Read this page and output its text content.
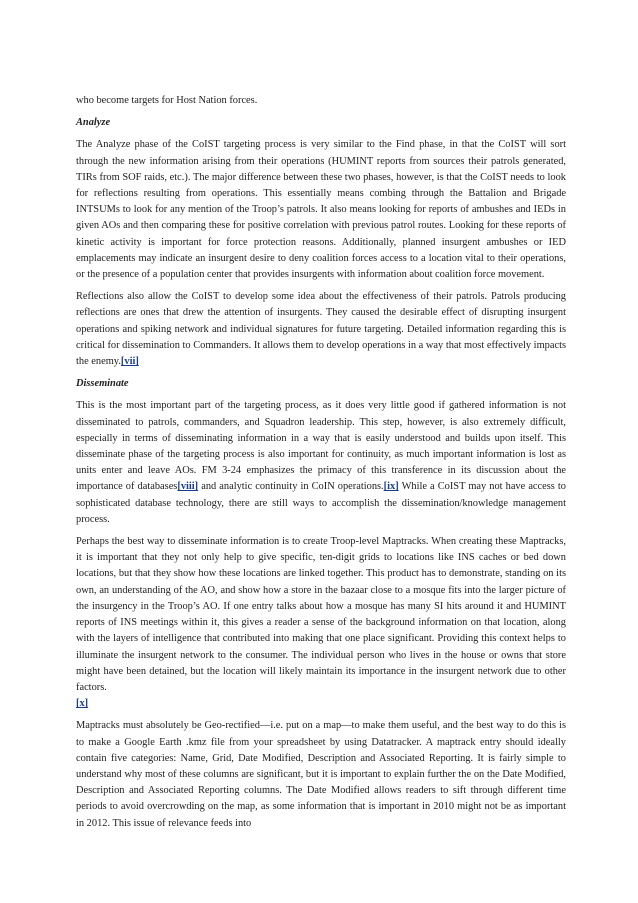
who become targets for Host Nation forces.

Analyze

The Analyze phase of the CoIST targeting process is very similar to the Find phase, in that the CoIST will sort through the new information arising from their operations (HUMINT reports from sources their patrols generated, TIRs from SOF raids, etc.). The major difference between these two phases, however, is that the CoIST needs to look for reflections resulting from operations. This essentially means combing through the Battalion and Brigade INTSUMs to look for any mention of the Troop’s patrols. It also means looking for reports of ambushes and IEDs in given AOs and then comparing these for positive correlation with previous patrol routes. Looking for these reports of kinetic activity is important for force protection reasons. Additionally, planned insurgent ambushes or IED emplacements may indicate an insurgent desire to deny coalition forces access to a location vital to their operations, or the presence of a population center that provides insurgents with information about coalition force movement.

Reflections also allow the CoIST to develop some idea about the effectiveness of their patrols. Patrols producing reflections are ones that drew the attention of insurgents. They caused the desirable effect of disrupting insurgent operations and spiking network and individual signatures for future targeting. Detailed information regarding this is critical for dissemination to Commanders. It allows them to develop operations in a way that most effectively impacts the enemy.[vii]

Disseminate

This is the most important part of the targeting process, as it does very little good if gathered information is not disseminated to patrols, commanders, and Squadron leadership. This step, however, is also extremely difficult, especially in terms of disseminating information in a way that is easily understood and builds upon itself. This disseminate phase of the targeting process is also important for continuity, as much important information is lost as units enter and leave AOs. FM 3-24 emphasizes the primacy of this transference in its discussion about the importance of databases[viii] and analytic continuity in CoIN operations.[ix] While a CoIST may not have access to sophisticated database technology, there are still ways to accomplish the dissemination/knowledge management process.

Perhaps the best way to disseminate information is to create Troop-level Maptracks. When creating these Maptracks, it is important that they not only help to give specific, ten-digit grids to locations like INS caches or bed down locations, but that they show how these locations are linked together. This product has to demonstrate, standing on its own, an understanding of the AO, and show how a store in the bazaar close to a mosque fits into the larger picture of the insurgency in the Troop’s AO. If one entry talks about how a mosque has many SI hits around it and HUMINT reports of INS meetings within it, this gives a reader a sense of the background information on that location, along with the layers of intelligence that contributed into making that one place significant. Providing this context helps to illuminate the insurgent network to the consumer. The individual person who lives in the house or owns that store might have been detained, but the location will likely maintain its importance in the insurgent network due to other factors.
[x]

Maptracks must absolutely be Geo-rectified—i.e. put on a map—to make them useful, and the best way to do this is to make a Google Earth .kmz file from your spreadsheet by using Datatracker. A maptrack entry should ideally contain five categories: Name, Grid, Date Modified, Description and Associated Reporting. It is fairly simple to understand why most of these columns are significant, but it is important to explain further the on the Date Modified, Description and Associated Reporting columns. The Date Modified allows readers to sift through different time periods to avoid overcrowding on the map, as some information that is important in 2010 might not be as important in 2012. This issue of relevance feeds into
